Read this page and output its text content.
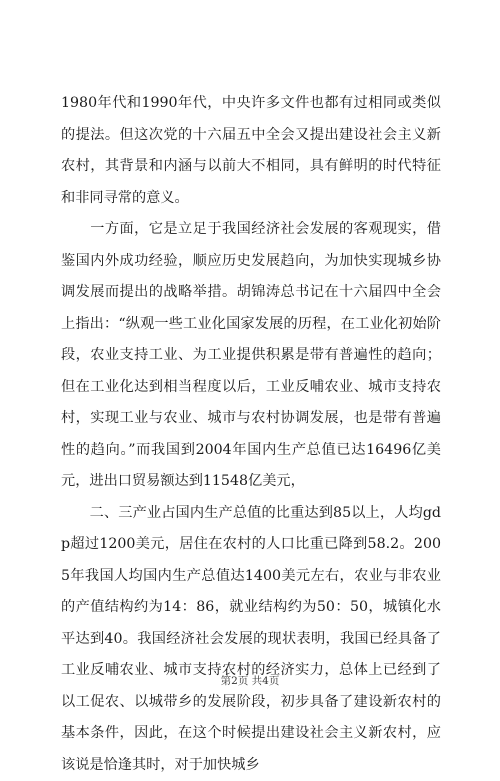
1980年代和1990年代，中央许多文件也都有过相同或类似的提法。但这次党的十六届五中全会又提出建设社会主义新农村，其背景和内涵与以前大不相同，具有鲜明的时代特征和非同寻常的意义。

　　一方面，它是立足于我国经济社会发展的客观现实，借鉴国内外成功经验，顺应历史发展趋向，为加快实现城乡协调发展而提出的战略举措。胡锦涛总书记在十六届四中全会上指出：“纵观一些工业化国家发展的历程，在工业化初始阶段，农业支持工业、为工业提供积累是带有普遍性的趋向；但在工业化达到相当程度以后，工业反哺农业、城市支持农村，实现工业与农业、城市与农村协调发展，也是带有普遍性的趋向。”而我国到2004年国内生产总值已达16496亿美元，进出口贸易额达到11548亿美元，

　　二、三产业占国内生产总值的比重达到85以上，人均gdp超过1200美元，居住在农村的人口比重已降到58.2。2005年我国人均国内生产总值达1400美元左右，农业与非农业的产值结构约为14：86，就业结构约为50：50，城镇化水平达到40。我国经济社会发展的现状表明，我国已经具备了工业反哺农业、城市支持农村的经济实力，总体上已经到了以工促农、以城带乡的发展阶段，初步具备了建设新农村的基本条件，因此，在这个时候提出建设社会主义新农村，应该说是恰逢其时，对于加快城乡

第2页 共4页
